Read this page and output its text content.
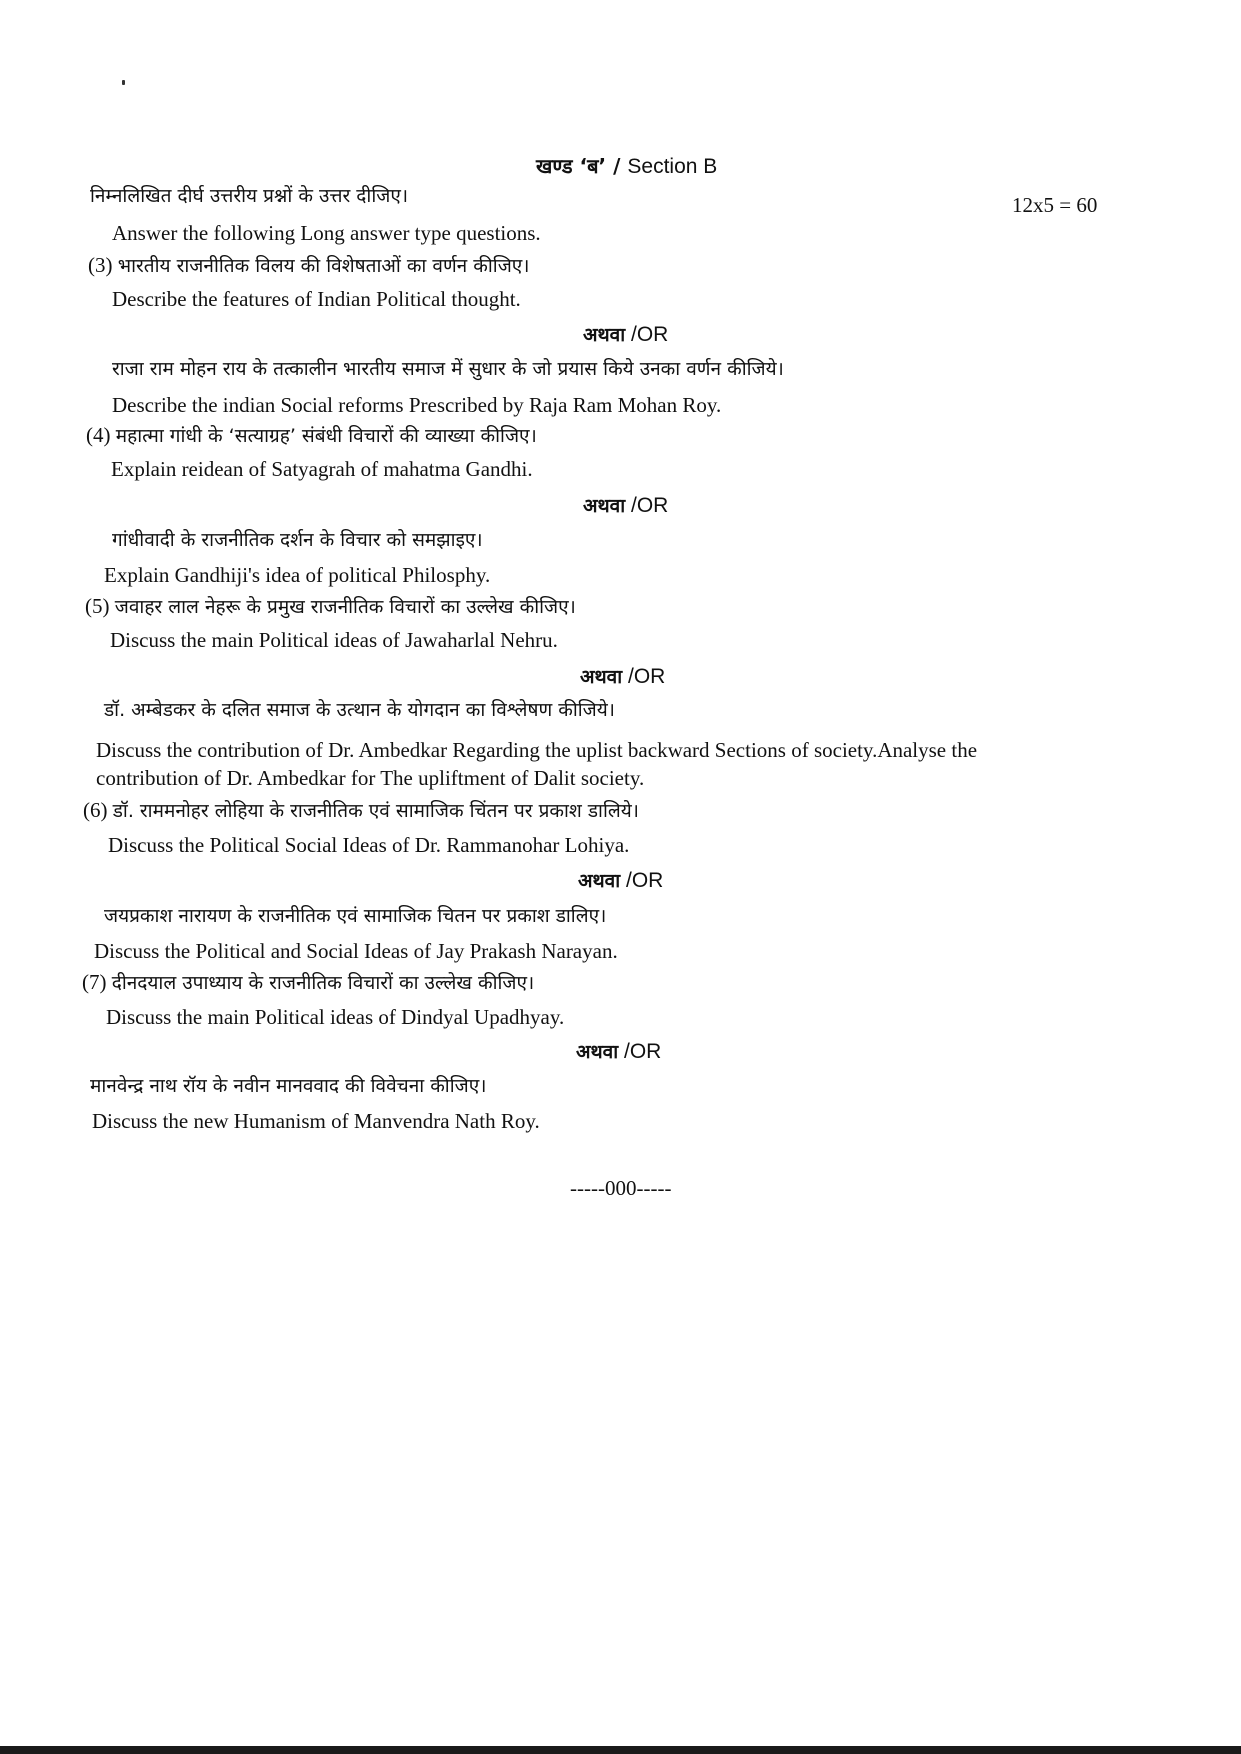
खण्ड ‘ब’ / Section B
निम्नलिखित दीर्घ उत्तरीय प्रश्नों के उत्तर दीजिए।	12x5 = 60
Answer the following Long answer type questions.
(3) भारतीय राजनीतिक विलय की विशेषताओं का वर्णन कीजिए।
Describe the features of Indian Political thought.
अथवा /OR
राजा राम मोहन राय के तत्कालीन भारतीय समाज में सुधार के जो प्रयास किये उनका वर्णन कीजिये।
Describe the indian Social reforms Prescribed by Raja Ram Mohan Roy.
(4) महात्मा गांधी के ‘सत्याग्रह’ संबंधी विचारों की व्याख्या कीजिए।
Explain reidean of Satyagrah of mahatma Gandhi.
अथवा /OR
गांधीवादी के राजनीतिक दर्शन के विचार को समझाइए।
Explain Gandhiji's idea of political Philosphy.
(5) जवाहर लाल नेहरू के प्रमुख राजनीतिक विचारों का उल्लेख कीजिए।
Discuss the main Political ideas of Jawaharlal Nehru.
अथवा /OR
डॉ. अम्बेडकर के दलित समाज के उत्थान के योगदान का विश्लेषण कीजिये।
Discuss the contribution of Dr. Ambedkar Regarding the uplist backward Sections of society.Analyse the
contribution of Dr. Ambedkar for The upliftment of Dalit society.
(6) डॉ. राममनोहर लोहिया के राजनीतिक एवं सामाजिक चिंतन पर प्रकाश डालिये।
Discuss the Political Social Ideas of Dr. Rammanohar Lohiya.
अथवा /OR
जयप्रकाश नारायण के राजनीतिक एवं सामाजिक चितन पर प्रकाश डालिए।
Discuss the Political and Social Ideas of Jay Prakash Narayan.
(7) दीनदयाल उपाध्याय के राजनीतिक विचारों का उल्लेख कीजिए।
Discuss the main Political ideas of Dindyal Upadhyay.
अथवा /OR
मानवेन्द्र नाथ रॉय के नवीन मानववाद की विवेचना कीजिए।
Discuss the new Humanism of Manvendra Nath Roy.
-----000-----
